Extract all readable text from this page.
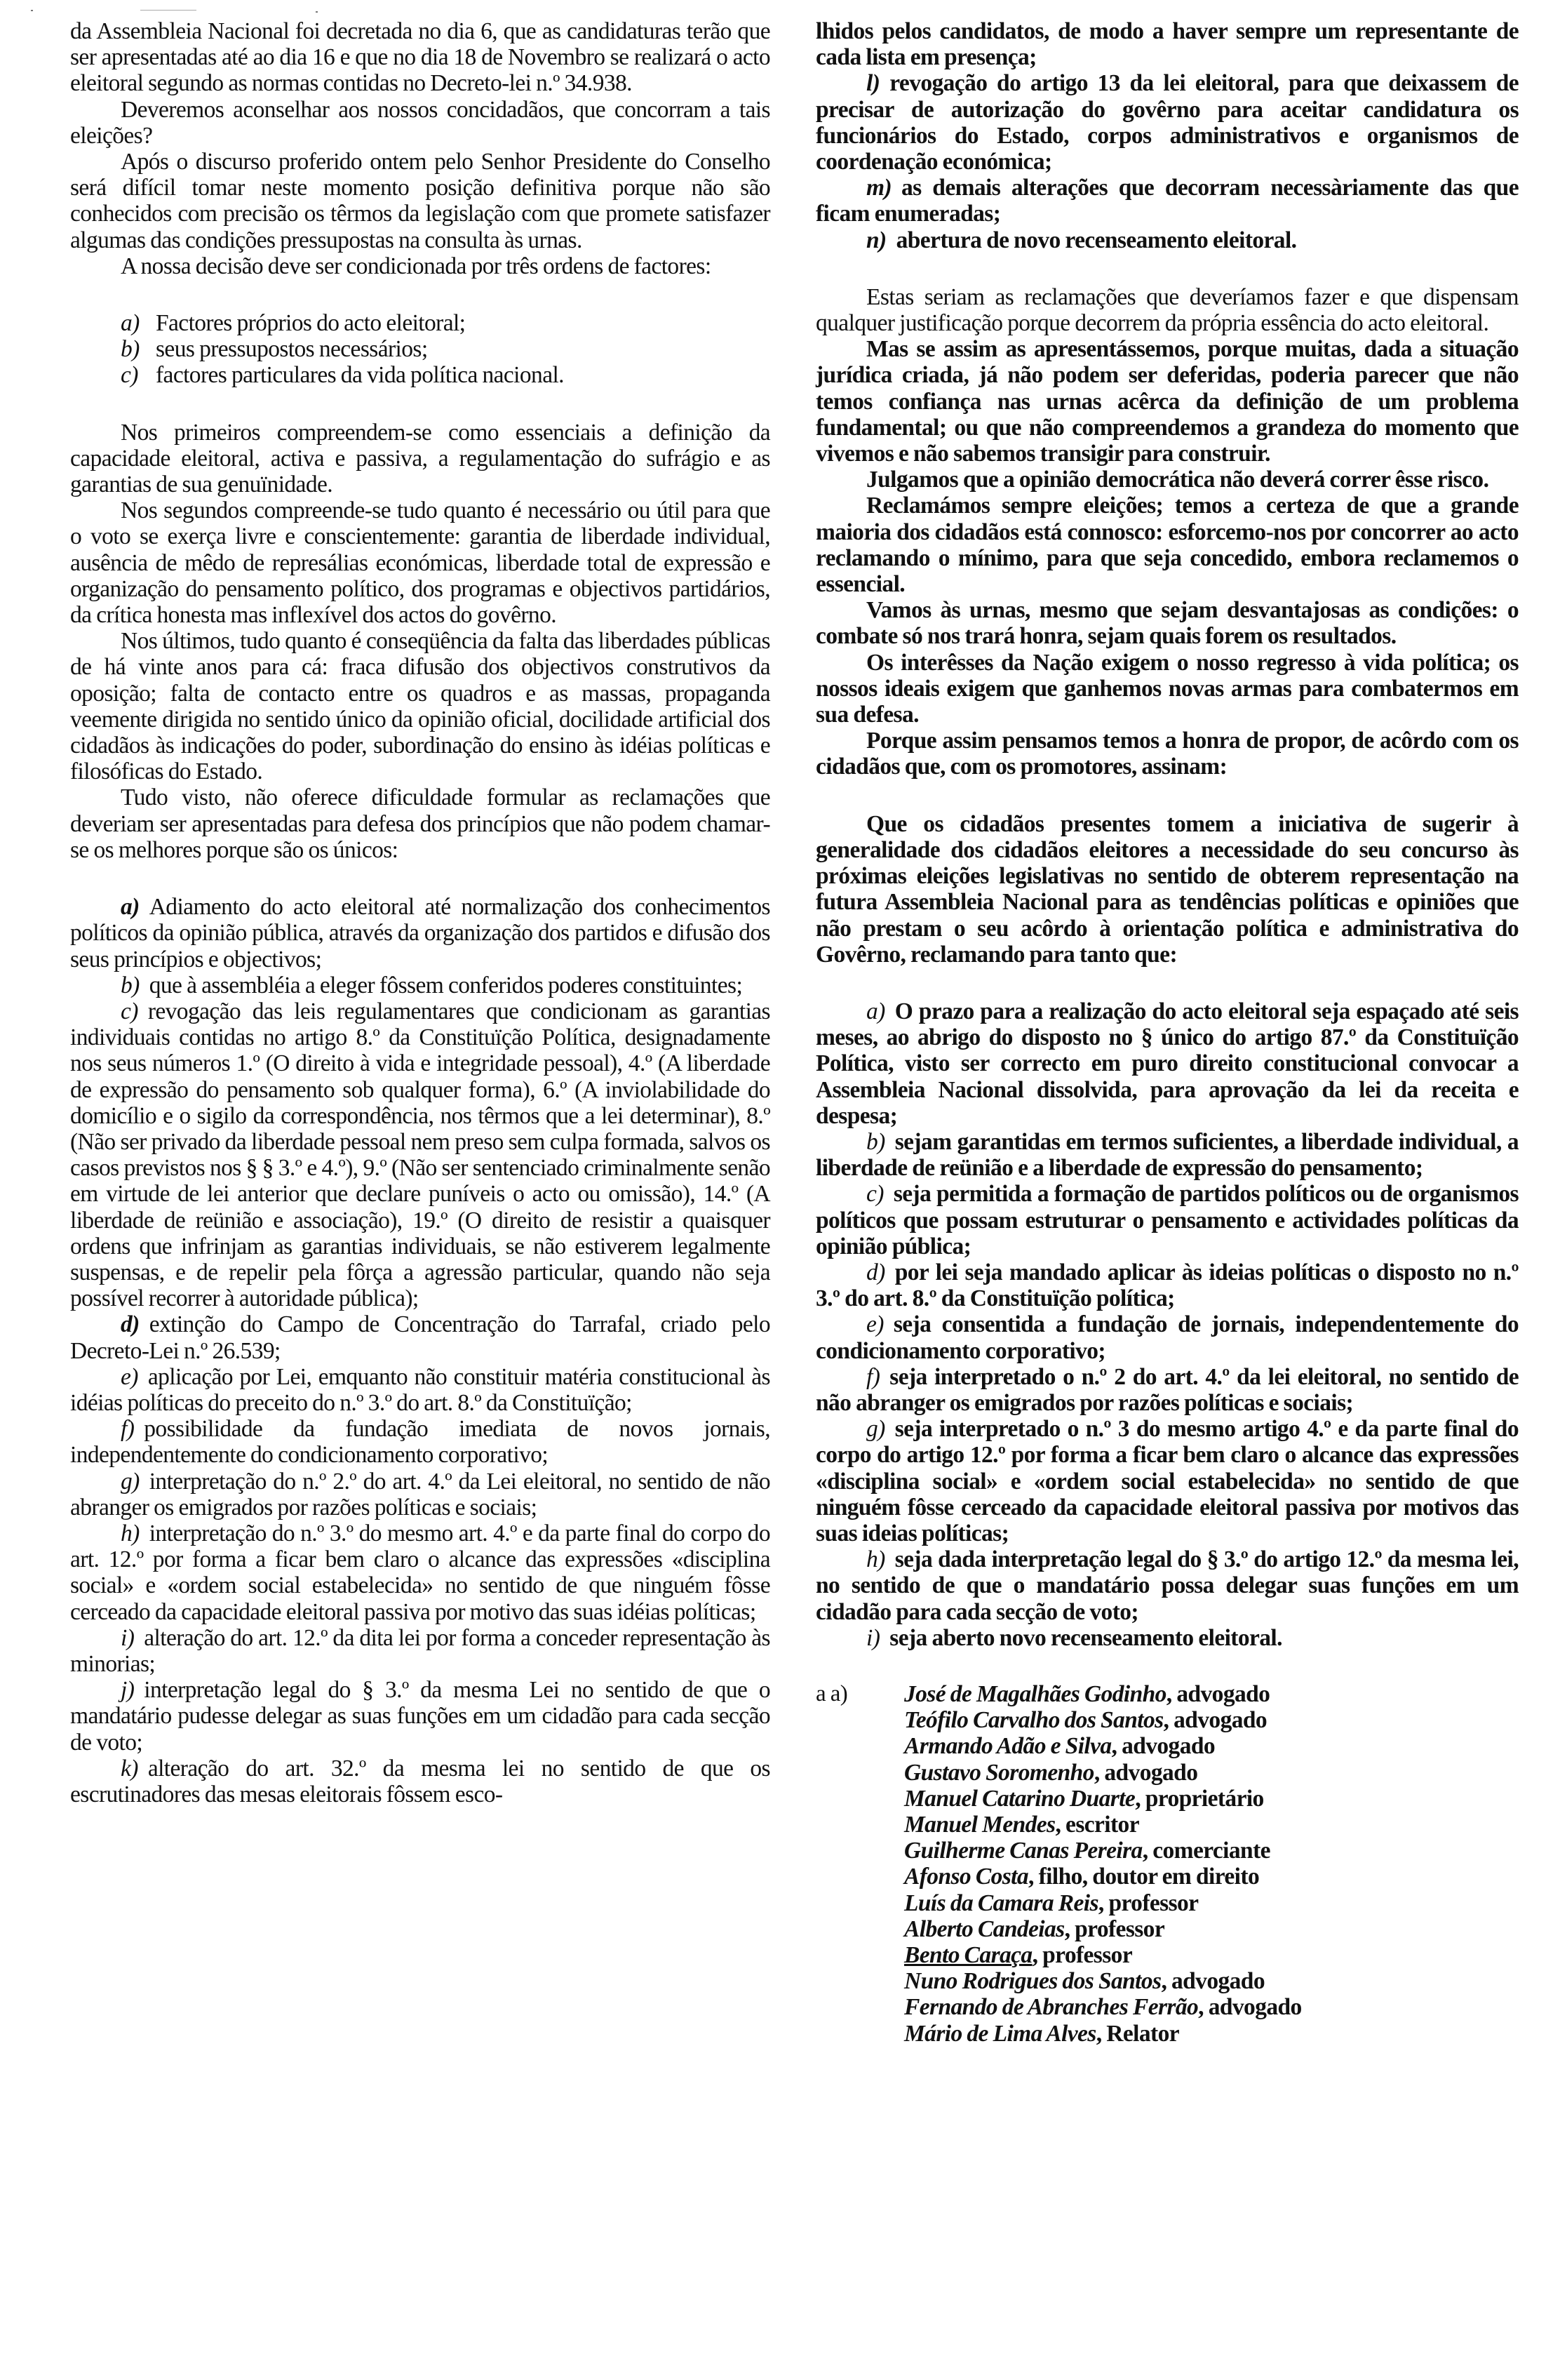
da Assembleia Nacional foi decretada no dia 6, que as candidaturas terão que ser apresentadas até ao dia 16 e que no dia 18 de Novembro se realizará o acto eleitoral segundo as normas contidas no Decreto-lei n.º 34.938.

Deveremos aconselhar aos nossos concidadãos, que concorram a tais eleições?

Após o discurso proferido ontem pelo Senhor Presidente do Conselho será difícil tomar neste momento posição definitiva porque não são conhecidos com precisão os têrmos da legislação com que promete satisfazer algumas das condições pressupostas na consulta às urnas.

A nossa decisão deve ser condicionada por três ordens de factores:

a) Factores próprios do acto eleitoral;

b) seus pressupostos necessários;

c) factores particulares da vida política nacional.

Nos primeiros compreendem-se como essenciais a definição da capacidade eleitoral, activa e passiva, a regulamentação do sufrágio e as garantias de sua genuïnidade.

Nos segundos compreende-se tudo quanto é necessário ou útil para que o voto se exerça livre e conscientemente: garantia de liberdade individual, ausência de mêdo de represálias económicas, liberdade total de expressão e organização do pensamento político, dos programas e objectivos partidários, da crítica honesta mas inflexível dos actos do govêrno.

Nos últimos, tudo quanto é conseqüência da falta das liberdades públicas de há vinte anos para cá: fraca difusão dos objectivos construtivos da oposição; falta de contacto entre os quadros e as massas, propaganda veemente dirigida no sentido único da opinião oficial, docilidade artificial dos cidadãos às indicações do poder, subordinação do ensino às idéias políticas e filosóficas do Estado.

Tudo visto, não oferece dificuldade formular as reclamações que deveriam ser apresentadas para defesa dos princípios que não podem chamar-se os melhores porque são os únicos:

a) Adiamento do acto eleitoral até normalização dos conhecimentos políticos da opinião pública, através da organização dos partidos e difusão dos seus princípios e objectivos;

b) que à assembléia a eleger fôssem conferidos poderes constituintes;

c) revogação das leis regulamentares que condicionam as garantias individuais contidas no artigo 8.º da Constituïção Política, designadamente nos seus números 1.º (O direito à vida e integridade pessoal), 4.º (A liberdade de expressão do pensamento sob qualquer forma), 6.º (A inviolabilidade do domicílio e o sigilo da correspondência, nos têrmos que a lei determinar), 8.º (Não ser privado da liberdade pessoal nem preso sem culpa formada, salvos os casos previstos nos § § 3.º e 4.º), 9.º (Não ser sentenciado criminalmente senão em virtude de lei anterior que declare puníveis o acto ou omissão), 14.º (A liberdade de reünião e associação), 19.º (O direito de resistir a quaisquer ordens que infrinjam as garantias individuais, se não estiverem legalmente suspensas, e de repelir pela fôrça a agressão particular, quando não seja possível recorrer à autoridade pública);

d) extinção do Campo de Concentração do Tarrafal, criado pelo Decreto-Lei n.º 26.539;

e) aplicação por Lei, emquanto não constituir matéria constitucional às idéias políticas do preceito do n.º 3.º do art. 8.º da Constituïção;

f) possibilidade da fundação imediata de novos jornais, independentemente do condicionamento corporativo;

g) interpretação do n.º 2.º do art. 4.º da Lei eleitoral, no sentido de não abranger os emigrados por razões políticas e sociais;

h) interpretação do n.º 3.º do mesmo art. 4.º e da parte final do corpo do art. 12.º por forma a ficar bem claro o alcance das expressões «disciplina social» e «ordem social estabelecida» no sentido de que ninguém fôsse cerceado da capacidade eleitoral passiva por motivo das suas idéias políticas;

i) alteração do art. 12.º da dita lei por forma a conceder representação às minorias;

j) interpretação legal do § 3.º da mesma Lei no sentido de que o mandatário pudesse delegar as suas funções em um cidadão para cada secção de voto;

k) alteração do art. 32.º da mesma lei no sentido de que os escrutinadores das mesas eleitorais fôssem esco-

lhidos pelos candidatos, de modo a haver sempre um representante de cada lista em presença;

l) revogação do artigo 13 da lei eleitoral, para que deixassem de precisar de autorização do govêrno para aceitar candidatura os funcionários do Estado, corpos administrativos e organismos de coordenação económica;

m) as demais alterações que decorram necessàriamente das que ficam enumeradas;

n) abertura de novo recenseamento eleitoral.

Estas seriam as reclamações que deveríamos fazer e que dispensam qualquer justificação porque decorrem da própria essência do acto eleitoral.

Mas se assim as apresentássemos, porque muitas, dada a situação jurídica criada, já não podem ser deferidas, poderia parecer que não temos confiança nas urnas acêrca da definição de um problema fundamental; ou que não compreendemos a grandeza do momento que vivemos e não sabemos transigir para construir.

Julgamos que a opinião democrática não deverá correr êsse risco.

Reclamámos sempre eleições; temos a certeza de que a grande maioria dos cidadãos está connosco: esforcemo-nos por concorrer ao acto reclamando o mínimo, para que seja concedido, embora reclamemos o essencial.

Vamos às urnas, mesmo que sejam desvantajosas as condições: o combate só nos trará honra, sejam quais forem os resultados.

Os interêsses da Nação exigem o nosso regresso à vida política; os nossos ideais exigem que ganhemos novas armas para combatermos em sua defesa.

Porque assim pensamos temos a honra de propor, de acôrdo com os cidadãos que, com os promotores, assinam:

Que os cidadãos presentes tomem a iniciativa de sugerir à generalidade dos cidadãos eleitores a necessidade do seu concurso às próximas eleições legislativas no sentido de obterem representação na futura Assembleia Nacional para as tendências políticas e opiniões que não prestam o seu acôrdo à orientação política e administrativa do Govêrno, reclamando para tanto que:

a) O prazo para a realização do acto eleitoral seja espaçado até seis meses, ao abrigo do disposto no § único do artigo 87.º da Constituïção Política, visto ser correcto em puro direito constitucional convocar a Assembleia Nacional dissolvida, para aprovação da lei da receita e despesa;

b) sejam garantidas em termos suficientes, a liberdade individual, a liberdade de reünião e a liberdade de expressão do pensamento;

c) seja permitida a formação de partidos políticos ou de organismos políticos que possam estruturar o pensamento e actividades políticas da opinião pública;

d) por lei seja mandado aplicar às ideias políticas o disposto no n.º 3.º do art. 8.º da Constituïção política;

e) seja consentida a fundação de jornais, independentemente do condicionamento corporativo;

f) seja interpretado o n.º 2 do art. 4.º da lei eleitoral, no sentido de não abranger os emigrados por razões políticas e sociais;

g) seja interpretado o n.º 3 do mesmo artigo 4.º e da parte final do corpo do artigo 12.º por forma a ficar bem claro o alcance das expressões «disciplina social» e «ordem social estabelecida» no sentido de que ninguém fôsse cerceado da capacidade eleitoral passiva por motivos das suas ideias políticas;

h) seja dada interpretação legal do § 3.º do artigo 12.º da mesma lei, no sentido de que o mandatário possa delegar suas funções em um cidadão para cada secção de voto;

i) seja aberto novo recenseamento eleitoral.

a a)	José de Magalhães Godinho, advogado
Teófilo Carvalho dos Santos, advogado
Armando Adão e Silva, advogado
Gustavo Soromenho, advogado
Manuel Catarino Duarte, proprietário
Manuel Mendes, escritor
Guilherme Canas Pereira, comerciante
Afonso Costa, filho, doutor em direito
Luís da Camara Reis, professor
Alberto Candeias, professor
Bento Caraça, professor
Nuno Rodrigues dos Santos, advogado
Fernando de Abranches Ferrão, advogado
Mário de Lima Alves, Relator
